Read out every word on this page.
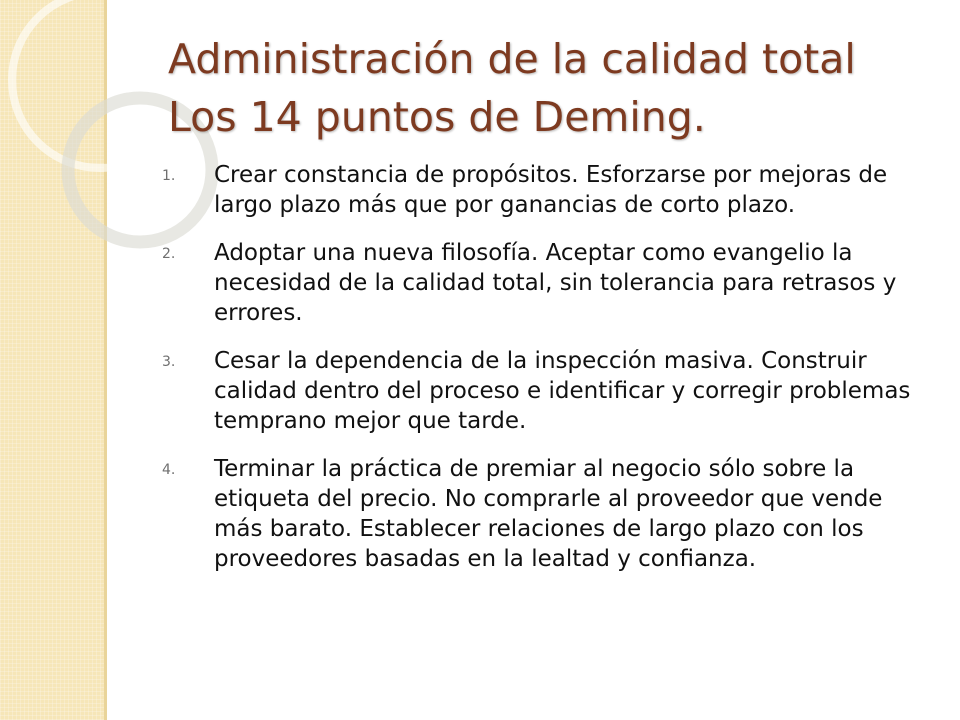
Administración de la calidad total
Los 14 puntos de Deming.
1. Crear constancia de propósitos. Esforzarse por mejoras de largo plazo más que por ganancias de corto plazo.
2. Adoptar una nueva filosofía. Aceptar como evangelio la necesidad de la calidad total, sin tolerancia para retrasos y errores.
3. Cesar la dependencia de la inspección masiva. Construir calidad dentro del proceso e identificar y corregir problemas temprano mejor que tarde.
4. Terminar la práctica de premiar al negocio sólo sobre la etiqueta del precio. No comprarle al proveedor que vende más barato. Establecer relaciones de largo plazo con los proveedores basadas en la lealtad y confianza.
